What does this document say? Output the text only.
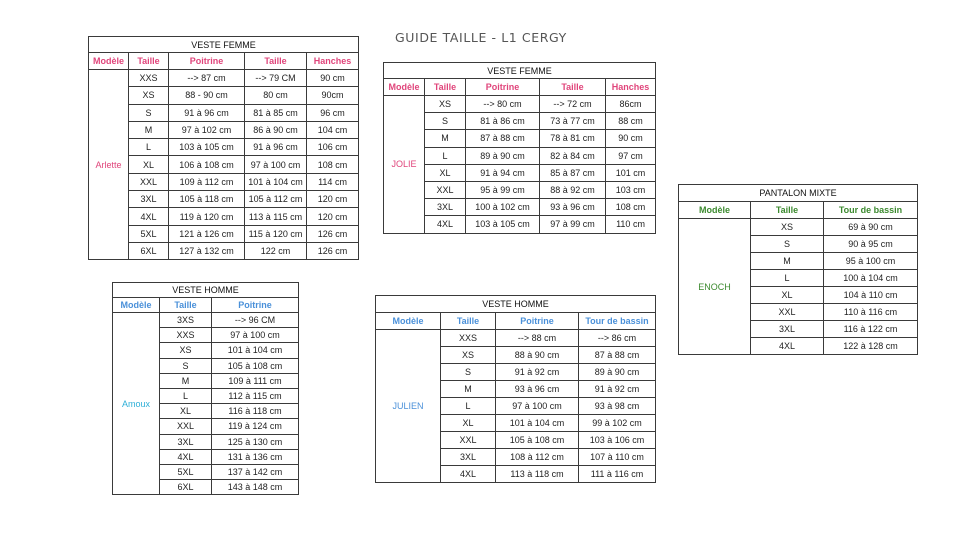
GUIDE TAILLE - L1 CERGY
VESTE FEMME				
Modèle	Taille	Poitrine	Taille	Hanches
Arlette	XXS	--> 87 cm	--> 79 CM	90 cm
	XS	88 - 90 cm	80 cm	90cm
	S	91 à 96 cm	81 à 85 cm	96 cm
	M	97 à 102 cm	86 à 90 cm	104 cm
	L	103 à 105 cm	91 à 96 cm	106 cm
	XL	106 à 108 cm	97 à 100 cm	108 cm
	XXL	109 à 112 cm	101 à 104 cm	114 cm
	3XL	105 à 118 cm	105 à 112 cm	120 cm
	4XL	119 à 120 cm	113 à 115 cm	120 cm
	5XL	121 à 126 cm	115 à 120 cm	126 cm
	6XL	127 à 132 cm	122 cm	126 cm
VESTE FEMME				
Modèle	Taille	Poitrine	Taille	Hanches
JOLIE	XS	--> 80 cm	--> 72 cm	86cm
	S	81 à 86 cm	73 à 77 cm	88 cm
	M	87 à 88 cm	78 à 81 cm	90 cm
	L	89 à 90 cm	82 à 84 cm	97 cm
	XL	91 à 94 cm	85 à 87 cm	101 cm
	XXL	95 à 99 cm	88 à 92 cm	103 cm
	3XL	100 à 102 cm	93 à 96 cm	108 cm
	4XL	103 à 105 cm	97 à 99 cm	110 cm
PANTALON MIXTE		
Modèle	Taille	Tour de bassin
ENOCH	XS	69 à 90 cm
	S	90 à 95 cm
	M	95 à 100 cm
	L	100 à 104 cm
	XL	104 à 110 cm
	XXL	110 à 116 cm
	3XL	116 à 122 cm
	4XL	122 à 128 cm
VESTE HOMME		
Modèle	Taille	Poitrine
Amoux	3XS	--> 96 CM
	XXS	97 à 100 cm
	XS	101 à 104 cm
	S	105 à 108 cm
	M	109 à 111 cm
	L	112 à 115 cm
	XL	116 à 118 cm
	XXL	119 à 124 cm
	3XL	125 à 130 cm
	4XL	131 à 136 cm
	5XL	137 à 142 cm
	6XL	143 à 148 cm
VESTE HOMME			
Modèle	Taille	Poitrine	Tour de bassin
JULIEN	XXS	--> 88 cm	--> 86 cm
	XS	88 à 90 cm	87 à 88 cm
	S	91 à 92 cm	89 à 90 cm
	M	93 à 96 cm	91 à 92 cm
	L	97 à 100 cm	93 à 98 cm
	XL	101 à 104 cm	99 à 102 cm
	XXL	105 à 108 cm	103 à 106 cm
	3XL	108 à 112 cm	107 à 110 cm
	4XL	113 à 118 cm	111 à 116 cm
